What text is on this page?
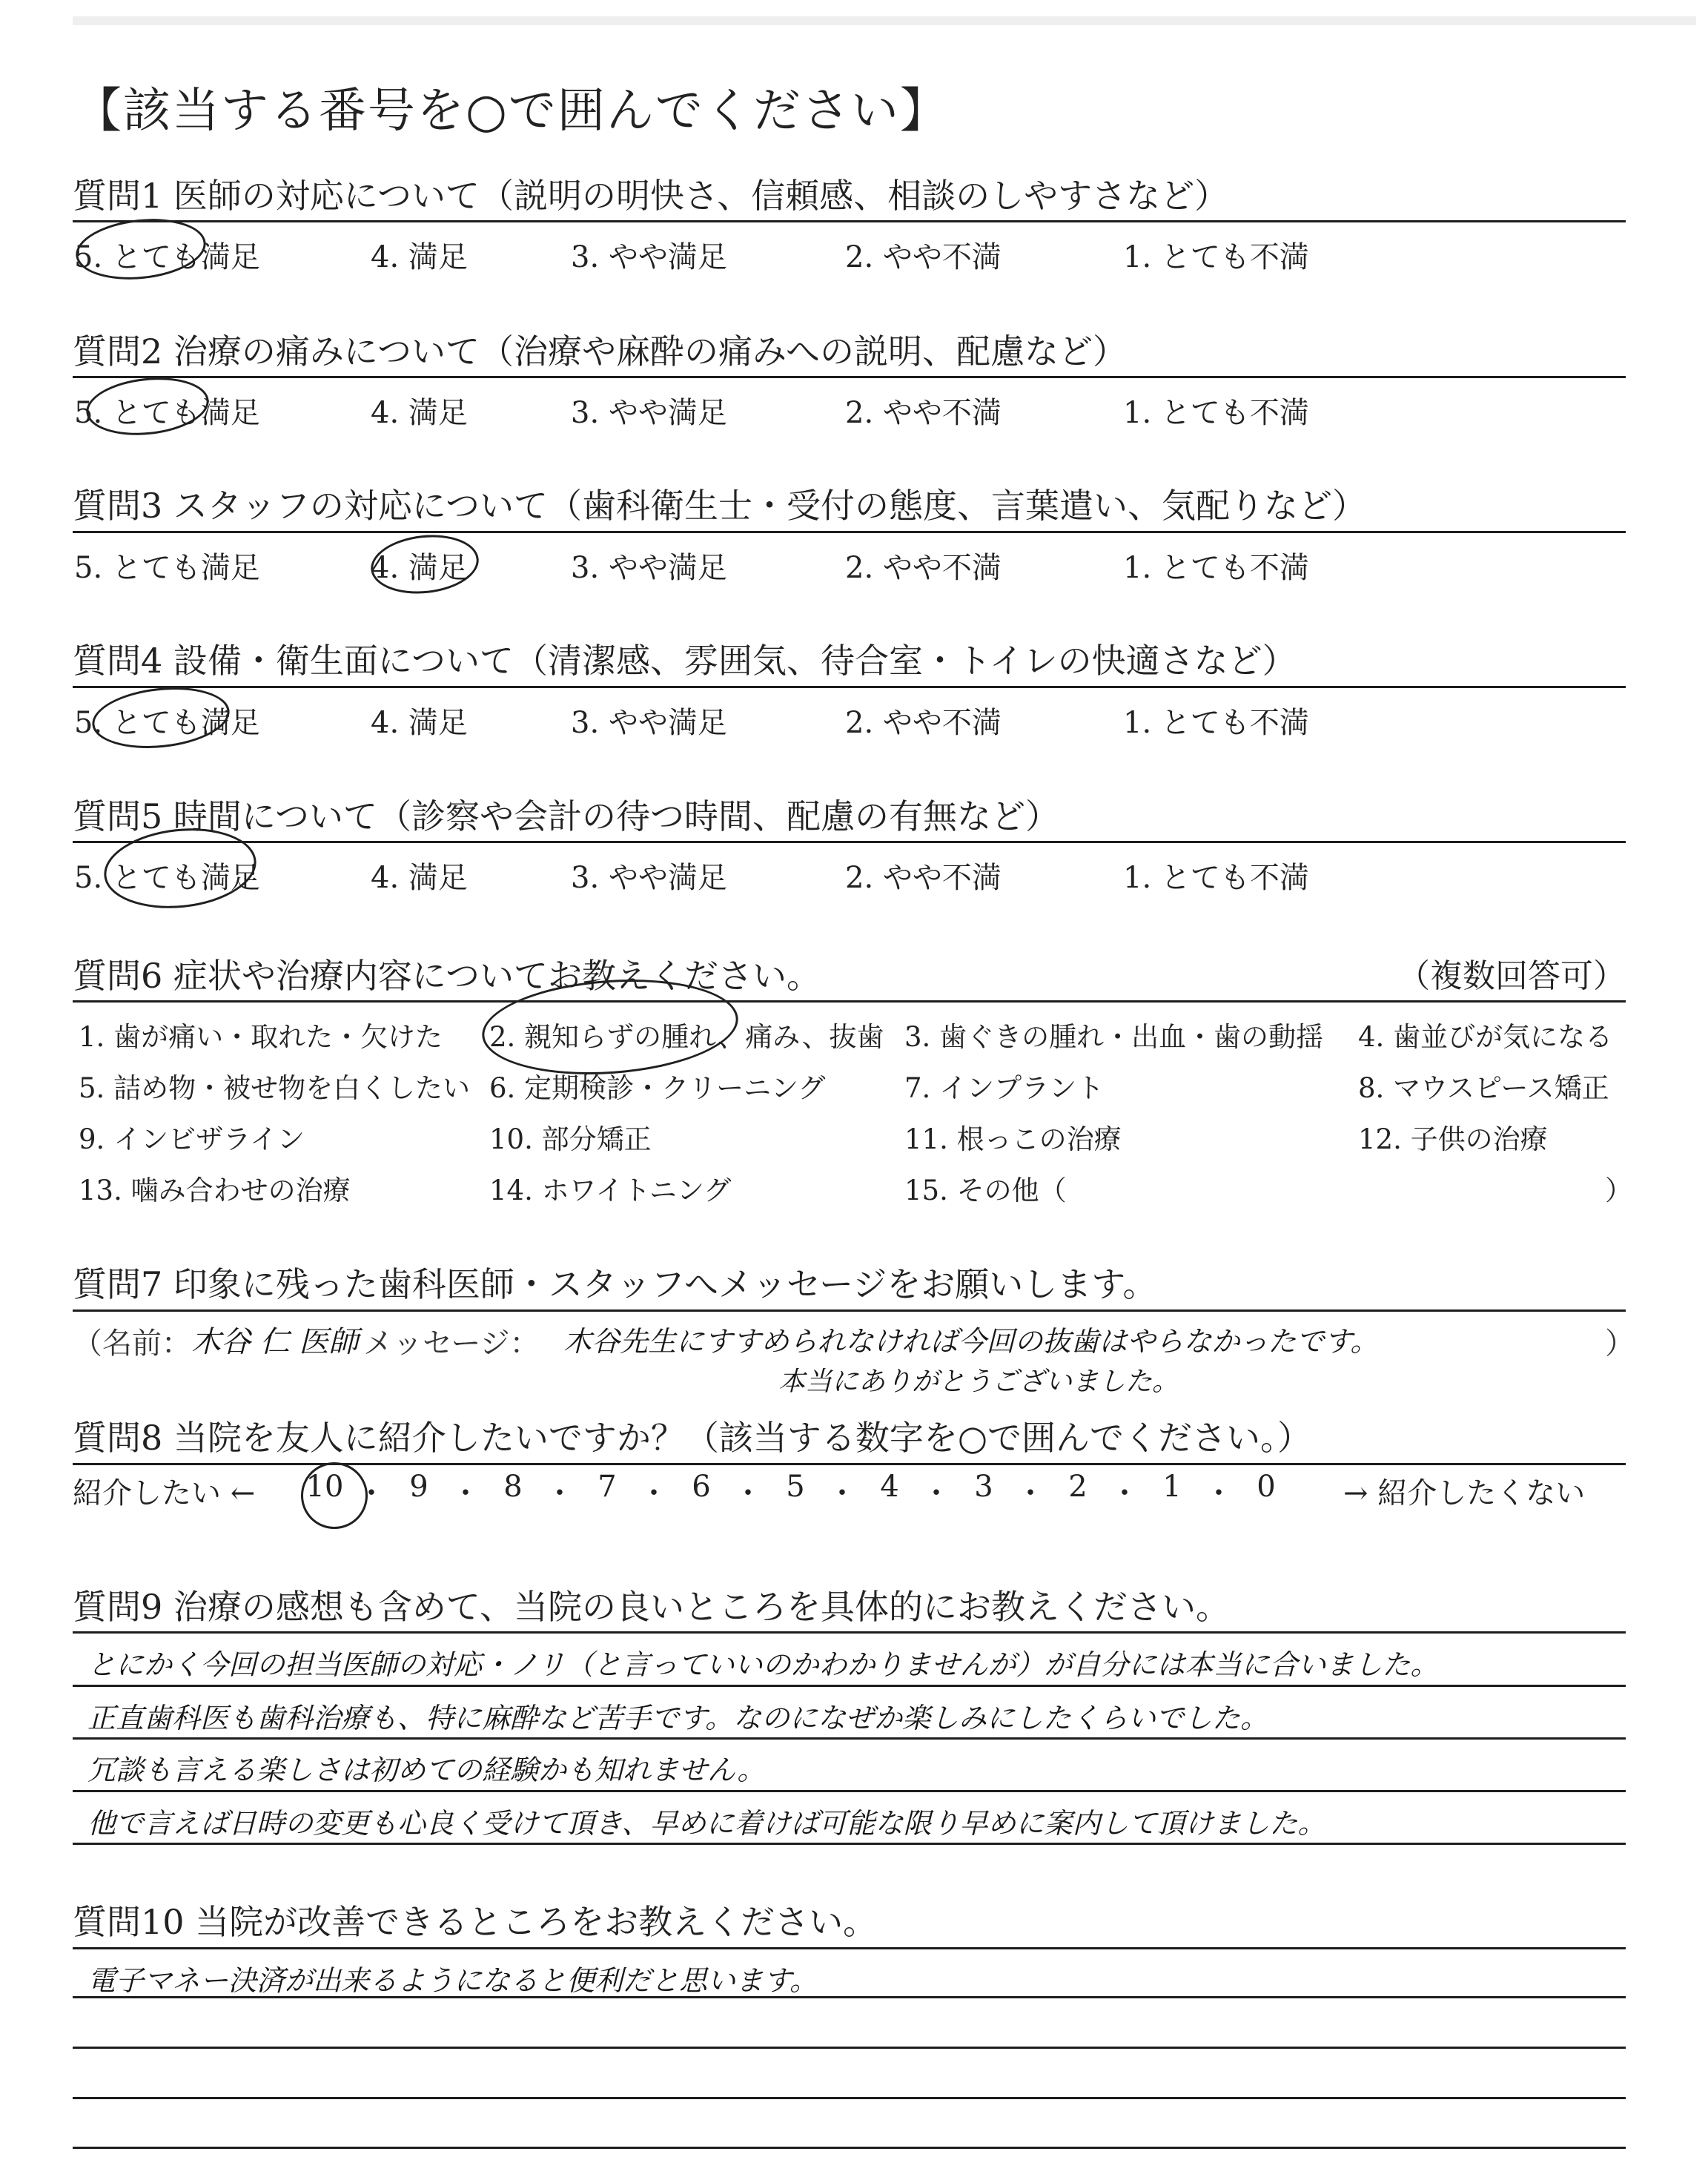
【該当する番号を○で囲んでください】
質問1 医師の対応について（説明の明快さ、信頼感、相談のしやすさなど）
5. とても満足	4. 満足	3. やや満足	2. やや不満	1. とても不満
質問2 治療の痛みについて（治療や麻酔の痛みへの説明、配慮など）
5. とても満足	4. 満足	3. やや満足	2. やや不満	1. とても不満
質問3 スタッフの対応について（歯科衛生士・受付の態度、言葉遣い、気配りなど）
5. とても満足	4. 満足	3. やや満足	2. やや不満	1. とても不満
質問4 設備・衛生面について（清潔感、雰囲気、待合室・トイレの快適さなど）
5. とても満足	4. 満足	3. やや満足	2. やや不満	1. とても不満
質問5 時間について（診察や会計の待つ時間、配慮の有無など）
5. とても満足	4. 満足	3. やや満足	2. やや不満	1. とても不満
質問6 症状や治療内容についてお教えください。	（複数回答可）
1. 歯が痛い・取れた・欠けた 2. 親知らずの腫れ、痛み、抜歯 3. 歯ぐきの腫れ・出血・歯の動揺 4. 歯並びが気になる
5. 詰め物・被せ物を白くしたい 6. 定期検診・クリーニング	7. インプラント	8. マウスピース矯正
9. インビザライン	10. 部分矯正	11. 根っこの治療	12. 子供の治療
13. 噛み合わせの治療	14. ホワイトニング	15. その他（	）
質問7 印象に残った歯科医師・スタッフへメッセージをお願いします。
（名前： 木谷 仁 医師 メッセージ： 木谷先生にすすめられなければ今回の抜歯はやらなかったです。
本当にありがとうございました。
）
質問8 当院を友人に紹介したいですか？（該当する数字を○で囲んでください。）
紹介したい ← 10 ・ 9 ・ 8 ・ 7 ・ 6 ・ 5 ・ 4 ・ 3 ・ 2 ・ 1 ・ 0	→ 紹介したくない
質問9 治療の感想も含めて、当院の良いところを具体的にお教えください。
とにかく今回の担当医師の対応・ノリ（と言っていいのかわかりませんが）が自分には本当に合いました。
正直歯科医も歯科治療も、特に麻酔など苦手です。なのになぜか楽しみにしたくらいでした。
冗談も言える楽しさは初めての経験かも知れません。
他で言えば日時の変更も心良く受けて頂き、早めに着けば可能な限り早めに案内して頂けました。
質問10 当院が改善できるところをお教えください。
電子マネー決済が出来るようになると便利だと思います。
